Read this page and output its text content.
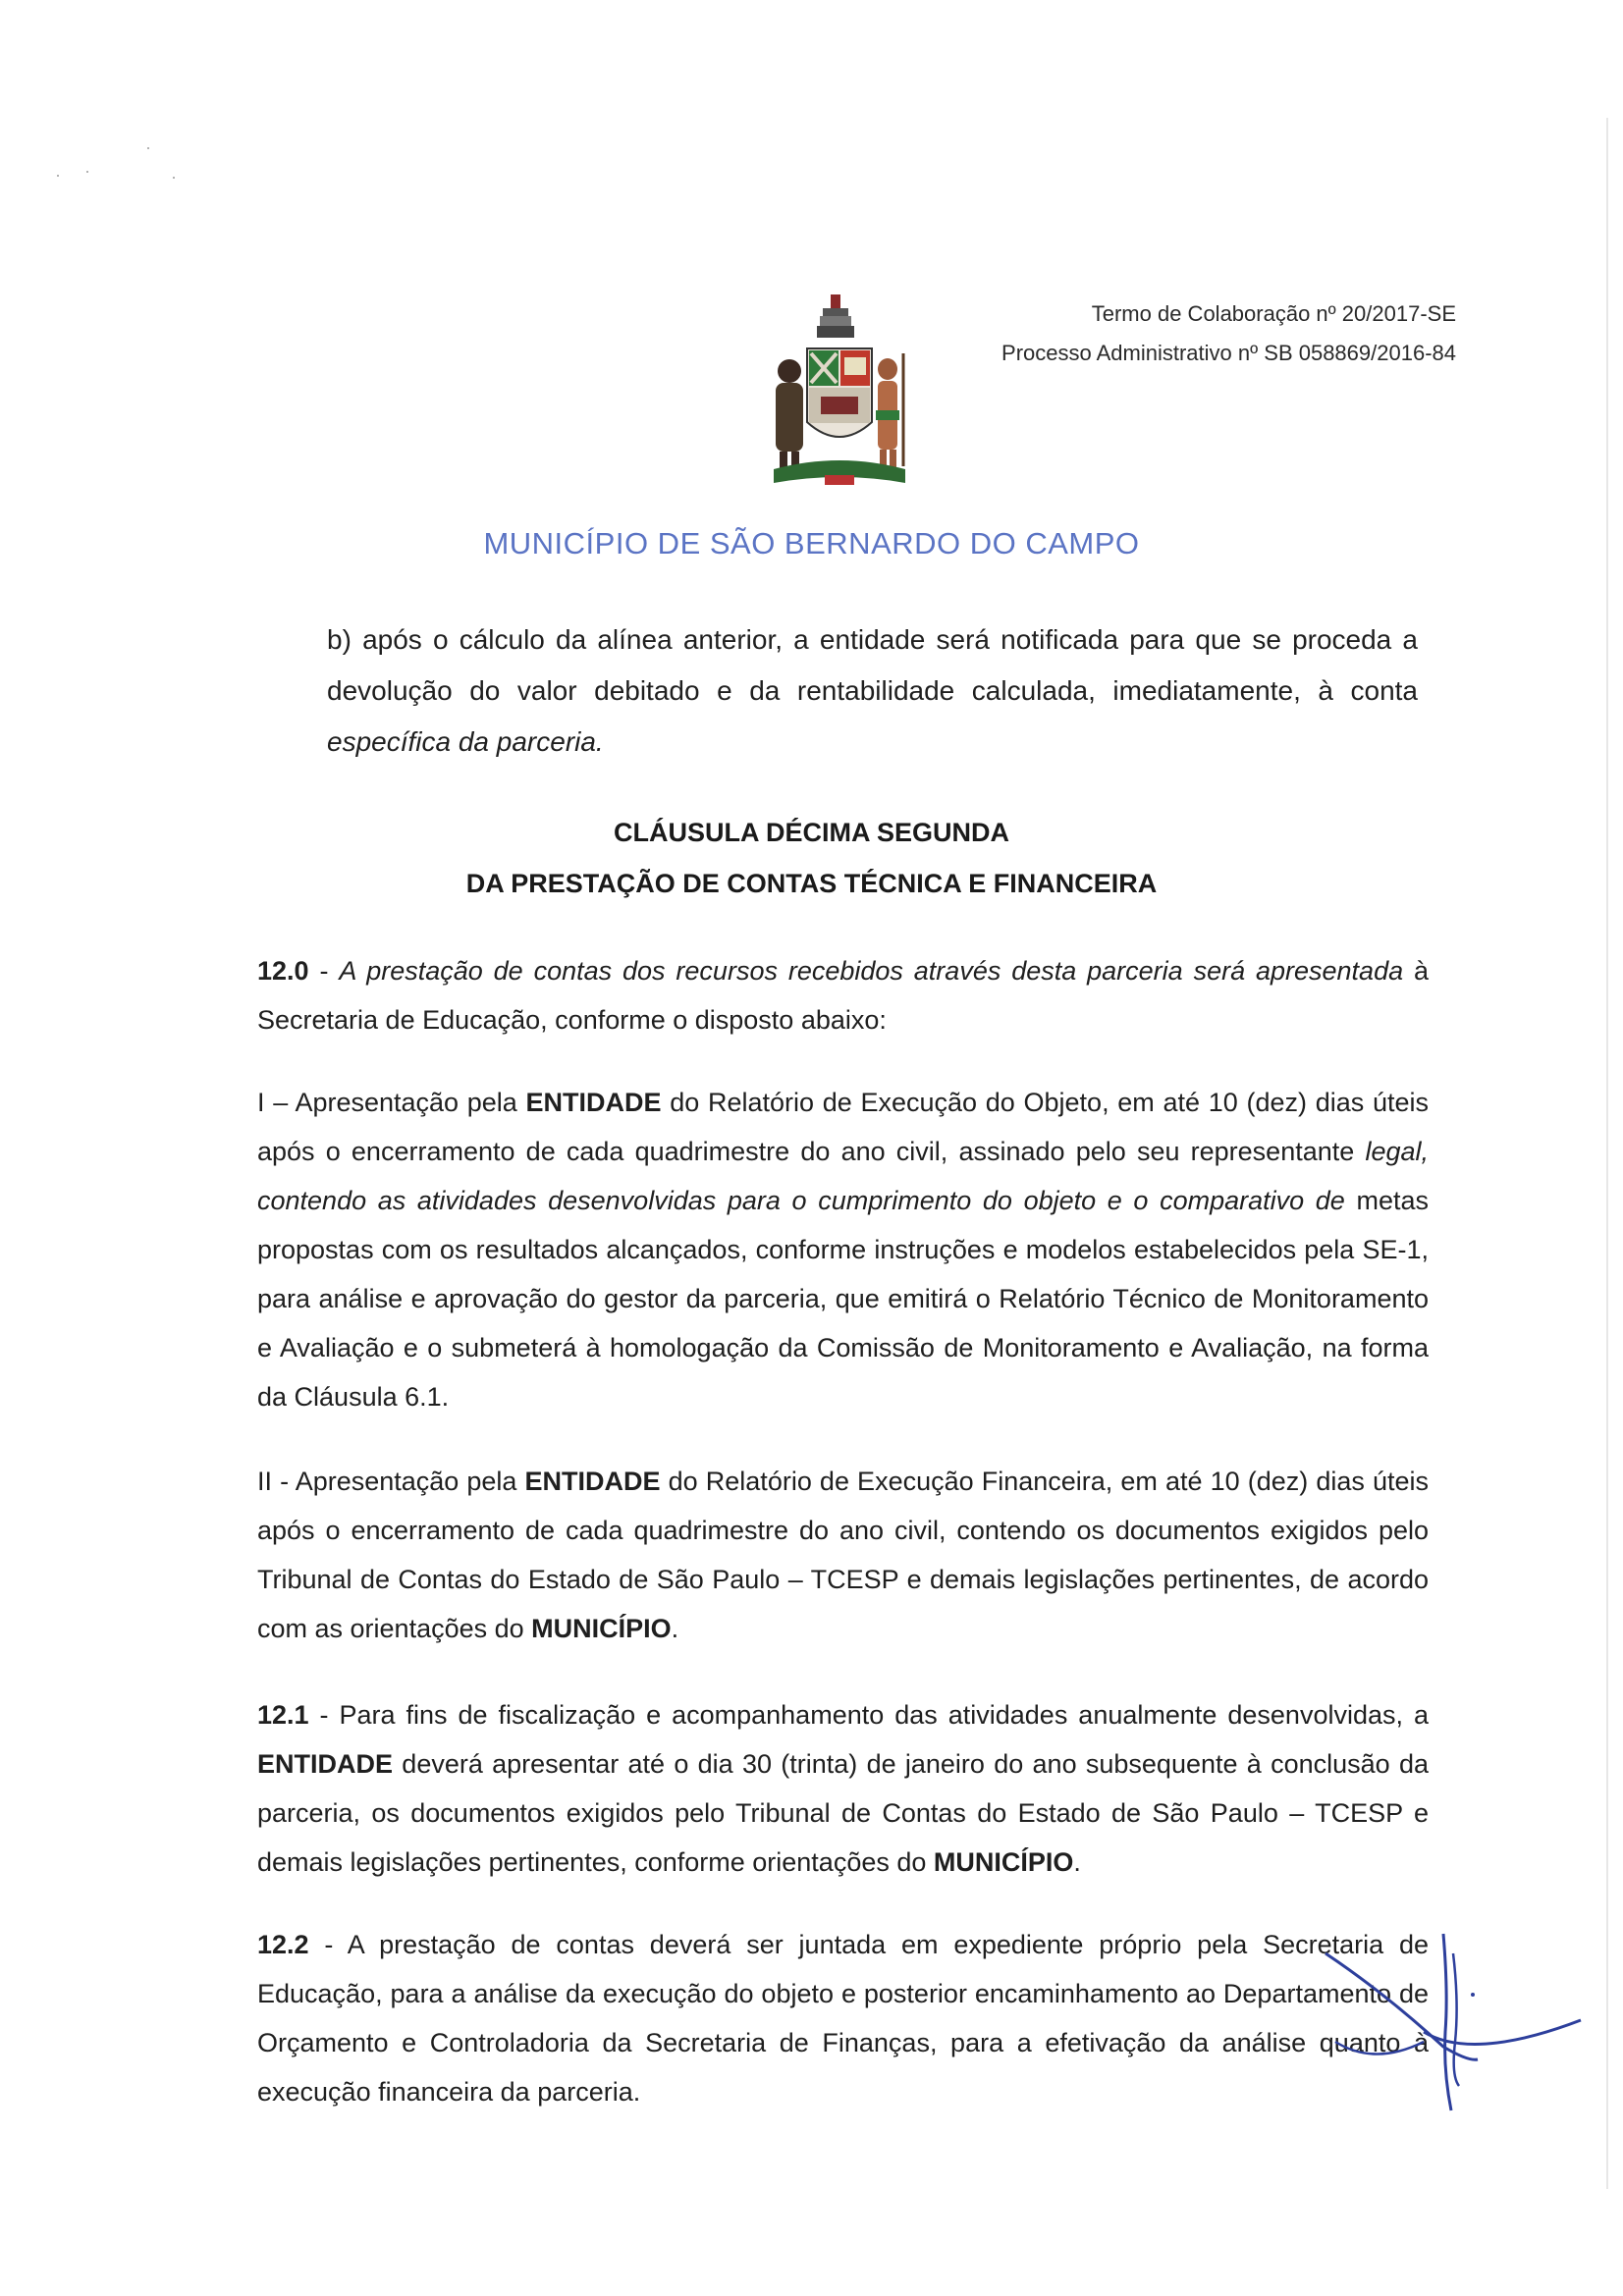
Termo de Colaboração nº 20/2017-SE
Processo Administrativo nº SB 058869/2016-84
MUNICÍPIO DE SÃO BERNARDO DO CAMPO
b) após o cálculo da alínea anterior, a entidade será notificada para que se proceda a devolução do valor debitado e da rentabilidade calculada, imediatamente, à conta específica da parceria.
CLÁUSULA DÉCIMA SEGUNDA
DA PRESTAÇÃO DE CONTAS TÉCNICA E FINANCEIRA

12.0 - A prestação de contas dos recursos recebidos através desta parceria será apresentada à Secretaria de Educação, conforme o disposto abaixo:

I – Apresentação pela ENTIDADE do Relatório de Execução do Objeto, em até 10 (dez) dias úteis após o encerramento de cada quadrimestre do ano civil, assinado pelo seu representante legal, contendo as atividades desenvolvidas para o cumprimento do objeto e o comparativo de metas propostas com os resultados alcançados, conforme instruções e modelos estabelecidos pela SE-1, para análise e aprovação do gestor da parceria, que emitirá o Relatório Técnico de Monitoramento e Avaliação e o submeterá à homologação da Comissão de Monitoramento e Avaliação, na forma da Cláusula 6.1.

II - Apresentação pela ENTIDADE do Relatório de Execução Financeira, em até 10 (dez) dias úteis após o encerramento de cada quadrimestre do ano civil, contendo os documentos exigidos pelo Tribunal de Contas do Estado de São Paulo – TCESP e demais legislações pertinentes, de acordo com as orientações do MUNICÍPIO.

12.1 - Para fins de fiscalização e acompanhamento das atividades anualmente desenvolvidas, a ENTIDADE deverá apresentar até o dia 30 (trinta) de janeiro do ano subsequente à conclusão da parceria, os documentos exigidos pelo Tribunal de Contas do Estado de São Paulo – TCESP e demais legislações pertinentes, conforme orientações do MUNICÍPIO.

12.2 - A prestação de contas deverá ser juntada em expediente próprio pela Secretaria de Educação, para a análise da execução do objeto e posterior encaminhamento ao Departamento de Orçamento e Controladoria da Secretaria de Finanças, para a efetivação da análise quanto à execução financeira da parceria.
